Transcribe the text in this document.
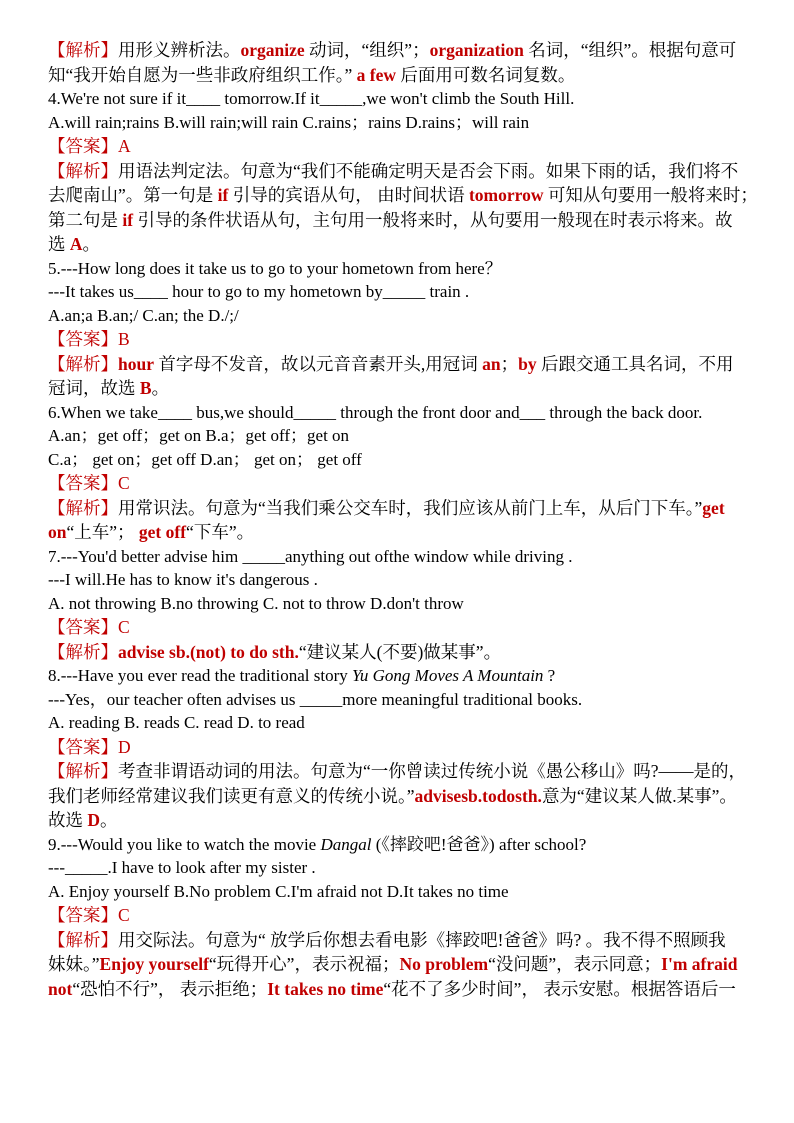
【解析】用形义辨析法。organize 动词，“组织”；organization 名词，“组织”。根据句意可
知“我开始自愿为一些非政府组织工作。” a few 后面用可数名词复数。
4.We're not sure if it____ tomorrow.If it_____,we won't climb the South Hill.
A.will rain;rains B.will rain;will rain C.rains；rains D.rains；will rain
【答案】A
【解析】用语法判定法。句意为“我们不能确定明天是否会下雨。如果下雨的话，我们将不
去爬南山”。第一句是 if 引导的宾语从句， 由时间状语 tomorrow 可知从句要用一般将来时；
第二句是 if 引导的条件状语从句，主句用一般将来时，从句要用一般现在时表示将来。故
选 A。
5.---How long does it take us to go to your hometown from here？
---It takes us____ hour to go to my hometown by_____ train .
A.an;a B.an;/ C.an; the D./;/
【答案】B
【解析】hour 首字母不发音，故以元音音素开头,用冠词 an；by 后跟交通工具名词，不用
冠词，故选 B。
6.When we take____ bus,we should_____ through the front door and___ through the back door.
A.an；get off；get on B.a；get off；get on
C.a； get on；get off D.an； get on； get off
【答案】C
【解析】用常识法。句意为“当我们乘公交车时，我们应该从前门上车，从后门下车。”get
on“上车”； get off“下车”。
7.---You'd better advise him _____anything out ofthe window while driving .
---I will.He has to know it's dangerous .
A. not throwing B.no throwing C. not to throw D.don't throw
【答案】C
【解析】advise sb.(not) to do sth.“建议某人(不要)做某事”。
8.---Have you ever read the traditional story Yu Gong Moves A Mountain ?
---Yes，our teacher often advises us _____more meaningful traditional books.
A. reading B. reads C. read D. to read
【答案】D
【解析】考查非谓语动词的用法。句意为“一你曾读过传统小说《愚公移山》吗?——是的，
我们老师经常建议我们读更有意义的传统小说。”advisesb.todosth.意为“建议某人做.某事”。
故选 D。
9.---Would you like to watch the movie Dangal (《摔跤吧!爸爸》) after school?
---_____.I have to look after my sister .
A. Enjoy yourself B.No problem C.I'm afraid not D.It takes no time
【答案】C
【解析】用交际法。句意为“ 放学后你想去看电影《摔跤吧!爸爸》吗? 。我不得不照顾我
妹妹。”Enjoy yourself“玩得开心”，表示祝福；No problem“没问题”，表示同意；I'm afraid
not“恐怕不行”， 表示拒绝；It takes no time“花不了多少时间”， 表示安慰。根据答语后一
